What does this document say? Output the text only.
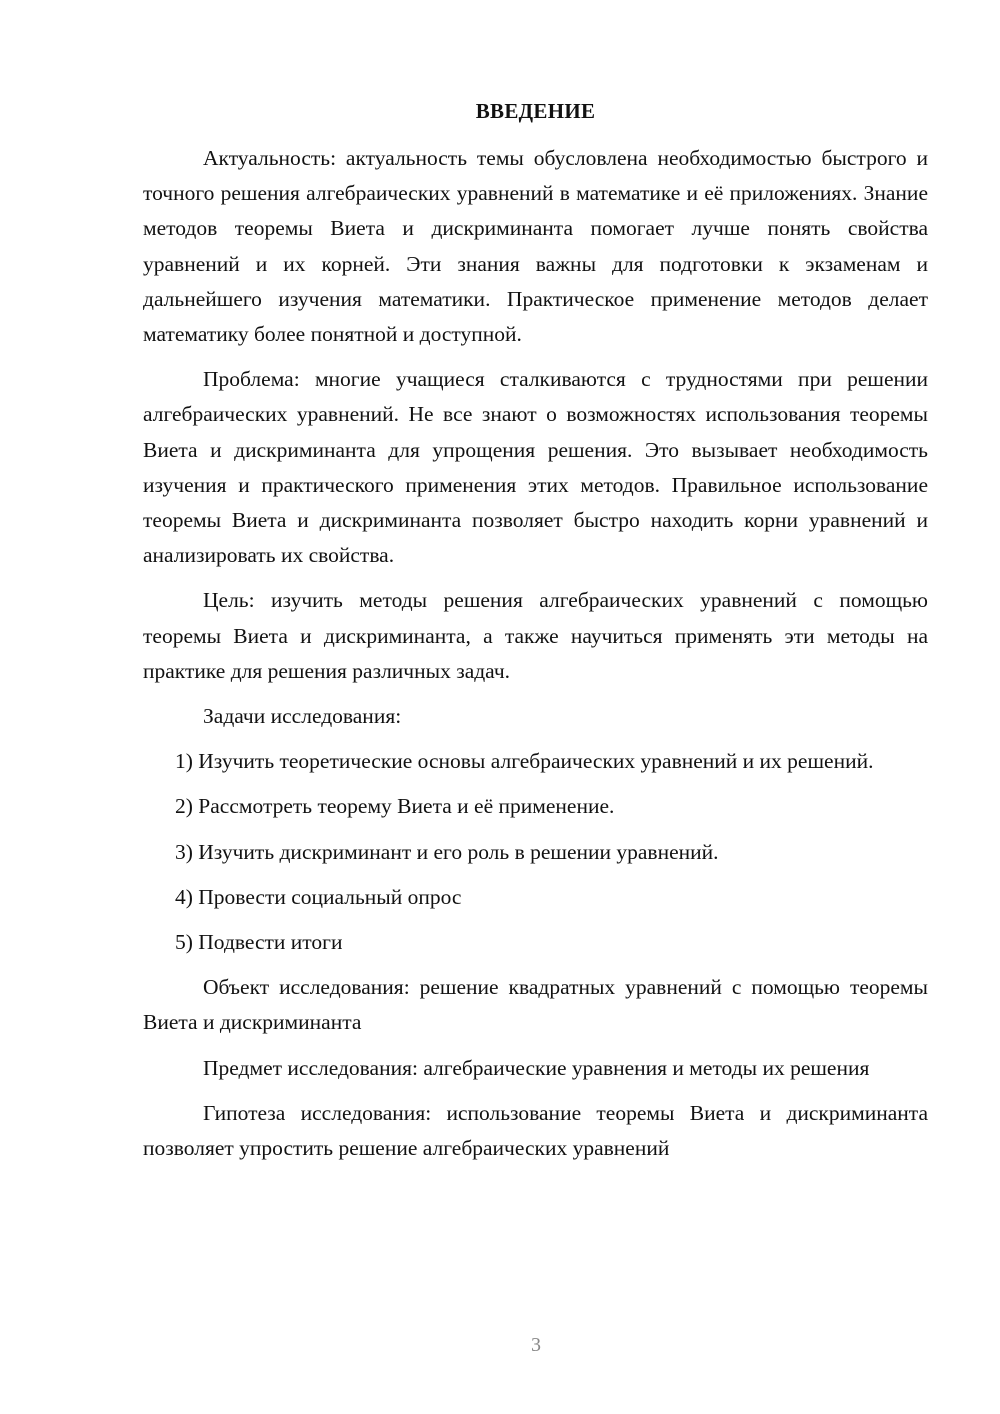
ВВЕДЕНИЕ

Актуальность: актуальность темы обусловлена необходимостью быстрого и точного решения алгебраических уравнений в математике и её приложениях. Знание методов теоремы Виета и дискриминанта помогает лучше понять свойства уравнений и их корней. Эти знания важны для подготовки к экзаменам и дальнейшего изучения математики. Практическое применение методов делает математику более понятной и доступной.

Проблема: многие учащиеся сталкиваются с трудностями при решении алгебраических уравнений. Не все знают о возможностях использования теоремы Виета и дискриминанта для упрощения решения. Это вызывает необходимость изучения и практического применения этих методов. Правильное использование теоремы Виета и дискриминанта позволяет быстро находить корни уравнений и анализировать их свойства.

Цель: изучить методы решения алгебраических уравнений с помощью теоремы Виета и дискриминанта, а также научиться применять эти методы на практике для решения различных задач.

Задачи исследования:

1) Изучить теоретические основы алгебраических уравнений и их решений.

2) Рассмотреть теорему Виета и её применение.

3) Изучить дискриминант и его роль в решении уравнений.

4) Провести социальный опрос

5) Подвести итоги

Объект исследования: решение квадратных уравнений с помощью теоремы Виета и дискриминанта

Предмет исследования: алгебраические уравнения и методы их решения

Гипотеза исследования: использование теоремы Виета и дискриминанта позволяет упростить решение алгебраических уравнений

3
